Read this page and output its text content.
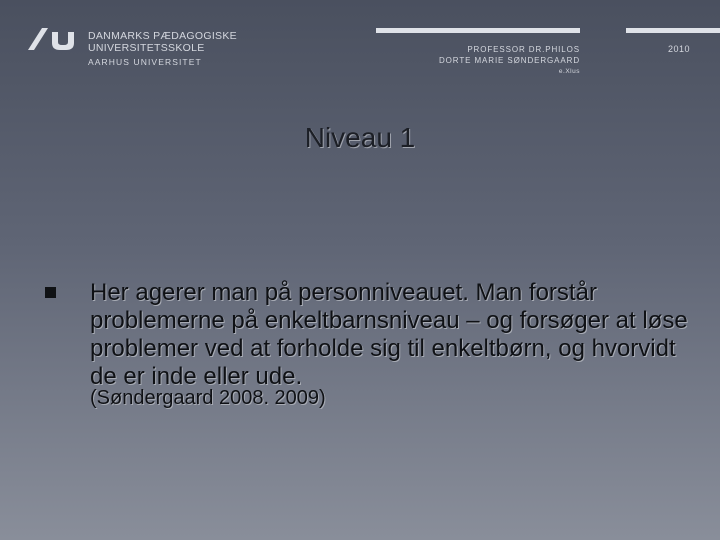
DANMARKS PÆDAGOGISKE
UNIVERSITETSSKOLE
AARHUS UNIVERSITET
PROFESSOR DR.PHILOS
DORTE MARIE SØNDERGAARD
e.Xlus
2010
Niveau 1
Her agerer man på personniveauet. Man forstår problemerne på enkeltbarnsniveau – og forsøger at løse problemer ved at forholde sig til enkeltbørn, og hvorvidt de er inde eller ude.
(Søndergaard 2008. 2009)
